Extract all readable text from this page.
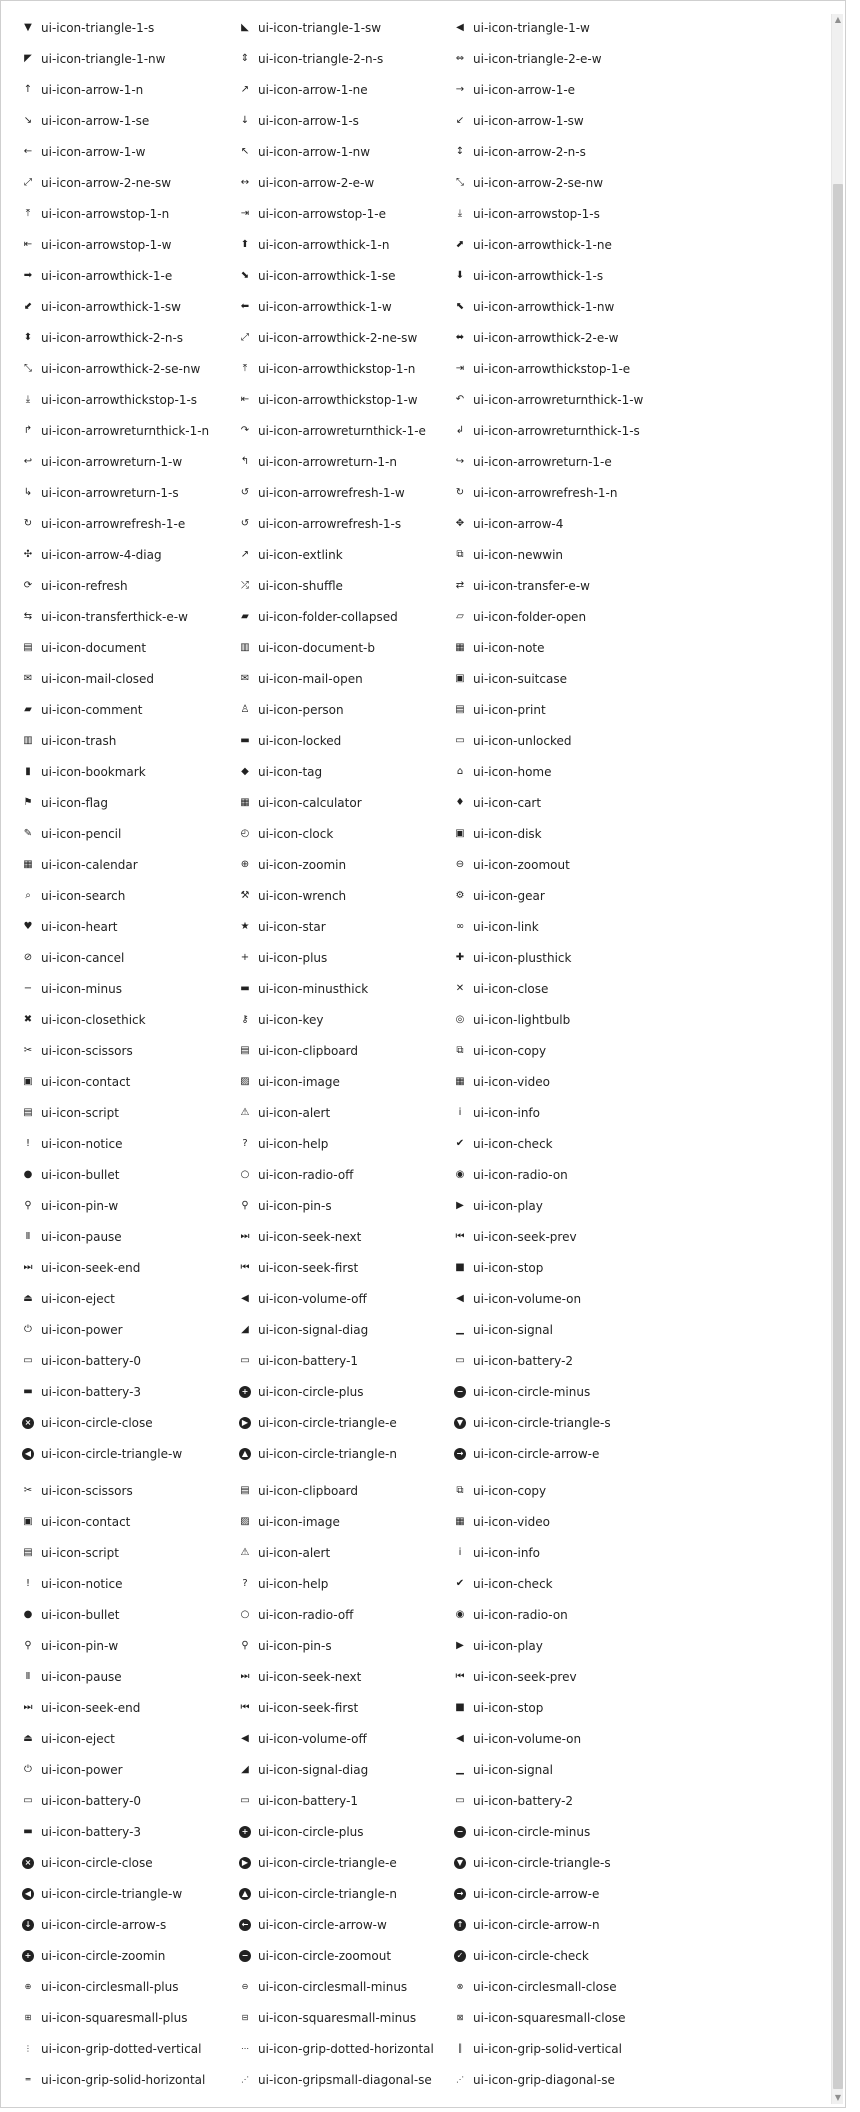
▼ ui-icon-triangle-1-s	◣ ui-icon-triangle-1-sw	◀ ui-icon-triangle-1-w
◤ ui-icon-triangle-1-nw	⇕ ui-icon-triangle-2-n-s	⇔ ui-icon-triangle-2-e-w
↑ ui-icon-arrow-1-n	↗ ui-icon-arrow-1-ne	→ ui-icon-arrow-1-e
↘ ui-icon-arrow-1-se	↓ ui-icon-arrow-1-s	↙ ui-icon-arrow-1-sw
← ui-icon-arrow-1-w	↖ ui-icon-arrow-1-nw	↕ ui-icon-arrow-2-n-s
⤢ ui-icon-arrow-2-ne-sw	↔ ui-icon-arrow-2-e-w	⤡ ui-icon-arrow-2-se-nw
⤒ ui-icon-arrowstop-1-n	⇥ ui-icon-arrowstop-1-e	⤓ ui-icon-arrowstop-1-s
⇤ ui-icon-arrowstop-1-w	⬆ ui-icon-arrowthick-1-n	⬈ ui-icon-arrowthick-1-ne
➡ ui-icon-arrowthick-1-e	⬊ ui-icon-arrowthick-1-se	⬇ ui-icon-arrowthick-1-s
⬋ ui-icon-arrowthick-1-sw	⬅ ui-icon-arrowthick-1-w	⬉ ui-icon-arrowthick-1-nw
⬍ ui-icon-arrowthick-2-n-s	⤢ ui-icon-arrowthick-2-ne-sw	⬌ ui-icon-arrowthick-2-e-w
⤡ ui-icon-arrowthick-2-se-nw	⤒ ui-icon-arrowthickstop-1-n	⇥ ui-icon-arrowthickstop-1-e
⤓ ui-icon-arrowthickstop-1-s	⇤ ui-icon-arrowthickstop-1-w	↶ ui-icon-arrowreturnthick-1-w
↱ ui-icon-arrowreturnthick-1-n	↷ ui-icon-arrowreturnthick-1-e	↲ ui-icon-arrowreturnthick-1-s
↩ ui-icon-arrowreturn-1-w	↰ ui-icon-arrowreturn-1-n	↪ ui-icon-arrowreturn-1-e
↳ ui-icon-arrowreturn-1-s	↺ ui-icon-arrowrefresh-1-w	↻ ui-icon-arrowrefresh-1-n
↻ ui-icon-arrowrefresh-1-e	↺ ui-icon-arrowrefresh-1-s	✥ ui-icon-arrow-4
✣ ui-icon-arrow-4-diag	↗ ui-icon-extlink	⧉ ui-icon-newwin
⟳ ui-icon-refresh	⤮ ui-icon-shuffle	⇄ ui-icon-transfer-e-w
⇆ ui-icon-transferthick-e-w	▰ ui-icon-folder-collapsed	▱ ui-icon-folder-open
▤ ui-icon-document	▥ ui-icon-document-b	▦ ui-icon-note
✉ ui-icon-mail-closed	✉ ui-icon-mail-open	▣ ui-icon-suitcase
▰ ui-icon-comment	♙ ui-icon-person	▤ ui-icon-print
▥ ui-icon-trash	▬ ui-icon-locked	▭ ui-icon-unlocked
▮ ui-icon-bookmark	◆ ui-icon-tag	⌂ ui-icon-home
⚑ ui-icon-flag	▦ ui-icon-calculator	♦ ui-icon-cart
✎ ui-icon-pencil	◴ ui-icon-clock	▣ ui-icon-disk
▦ ui-icon-calendar	⊕ ui-icon-zoomin	⊖ ui-icon-zoomout
⌕ ui-icon-search	⚒ ui-icon-wrench	⚙ ui-icon-gear
♥ ui-icon-heart	★ ui-icon-star	∞ ui-icon-link
⊘ ui-icon-cancel	+ ui-icon-plus	✚ ui-icon-plusthick
− ui-icon-minus	▬ ui-icon-minusthick	✕ ui-icon-close
✖ ui-icon-closethick	⚷ ui-icon-key	◎ ui-icon-lightbulb
✂ ui-icon-scissors	▤ ui-icon-clipboard	⧉ ui-icon-copy
▣ ui-icon-contact	▨ ui-icon-image	▦ ui-icon-video
▤ ui-icon-script	⚠ ui-icon-alert	i ui-icon-info
! ui-icon-notice	? ui-icon-help	✔ ui-icon-check
● ui-icon-bullet	○ ui-icon-radio-off	◉ ui-icon-radio-on
⚲ ui-icon-pin-w	⚲ ui-icon-pin-s	▶ ui-icon-play
Ⅱ ui-icon-pause	⏭ ui-icon-seek-next	⏮ ui-icon-seek-prev
⏭ ui-icon-seek-end	⏮ ui-icon-seek-first	■ ui-icon-stop
⏏ ui-icon-eject	◀ ui-icon-volume-off	◀ ui-icon-volume-on
⏻ ui-icon-power	◢ ui-icon-signal-diag	▁ ui-icon-signal
▭ ui-icon-battery-0	▭ ui-icon-battery-1	▭ ui-icon-battery-2
▬ ui-icon-battery-3	+ ui-icon-circle-plus	− ui-icon-circle-minus
× ui-icon-circle-close	▶ ui-icon-circle-triangle-e	▼ ui-icon-circle-triangle-s
◀ ui-icon-circle-triangle-w	▲ ui-icon-circle-triangle-n	→ ui-icon-circle-arrow-e
✂ ui-icon-scissors	▤ ui-icon-clipboard	⧉ ui-icon-copy
▣ ui-icon-contact	▨ ui-icon-image	▦ ui-icon-video
▤ ui-icon-script	⚠ ui-icon-alert	i ui-icon-info
! ui-icon-notice	? ui-icon-help	✔ ui-icon-check
● ui-icon-bullet	○ ui-icon-radio-off	◉ ui-icon-radio-on
⚲ ui-icon-pin-w	⚲ ui-icon-pin-s	▶ ui-icon-play
Ⅱ ui-icon-pause	⏭ ui-icon-seek-next	⏮ ui-icon-seek-prev
⏭ ui-icon-seek-end	⏮ ui-icon-seek-first	■ ui-icon-stop
⏏ ui-icon-eject	◀ ui-icon-volume-off	◀ ui-icon-volume-on
⏻ ui-icon-power	◢ ui-icon-signal-diag	▁ ui-icon-signal
▭ ui-icon-battery-0	▭ ui-icon-battery-1	▭ ui-icon-battery-2
▬ ui-icon-battery-3	+ ui-icon-circle-plus	− ui-icon-circle-minus
× ui-icon-circle-close	▶ ui-icon-circle-triangle-e	▼ ui-icon-circle-triangle-s
◀ ui-icon-circle-triangle-w	▲ ui-icon-circle-triangle-n	→ ui-icon-circle-arrow-e
↓ ui-icon-circle-arrow-s	← ui-icon-circle-arrow-w	↑ ui-icon-circle-arrow-n
+ ui-icon-circle-zoomin	− ui-icon-circle-zoomout	✓ ui-icon-circle-check
⊕ ui-icon-circlesmall-plus	⊖ ui-icon-circlesmall-minus	⊗ ui-icon-circlesmall-close
⊞ ui-icon-squaresmall-plus	⊟ ui-icon-squaresmall-minus	⊠ ui-icon-squaresmall-close
⋮ ui-icon-grip-dotted-vertical	⋯ ui-icon-grip-dotted-horizontal	║ ui-icon-grip-solid-vertical
═ ui-icon-grip-solid-horizontal	⋰ ui-icon-gripsmall-diagonal-se	⋰ ui-icon-grip-diagonal-se
▲
▼
